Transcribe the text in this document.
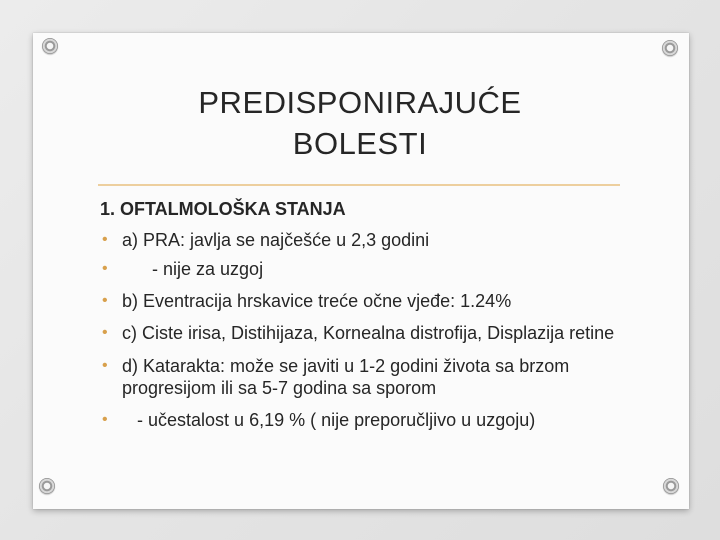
PREDISPONIRAJUĆE
BOLESTI
1. OFTALMOLOŠKA STANJA
• a) PRA: javlja se najčešće u 2,3 godini
• - nije za uzgoj
• b) Eventracija hrskavice treće očne vjeđe: 1.24%
• c) Ciste irisa, Distihijaza, Kornealna distrofija, Displazija retine
• d) Katarakta: može se javiti u 1-2 godini života sa brzom progresijom ili sa 5-7 godina sa sporom
• - učestalost u 6,19 % ( nije preporučljivo u uzgoju)
